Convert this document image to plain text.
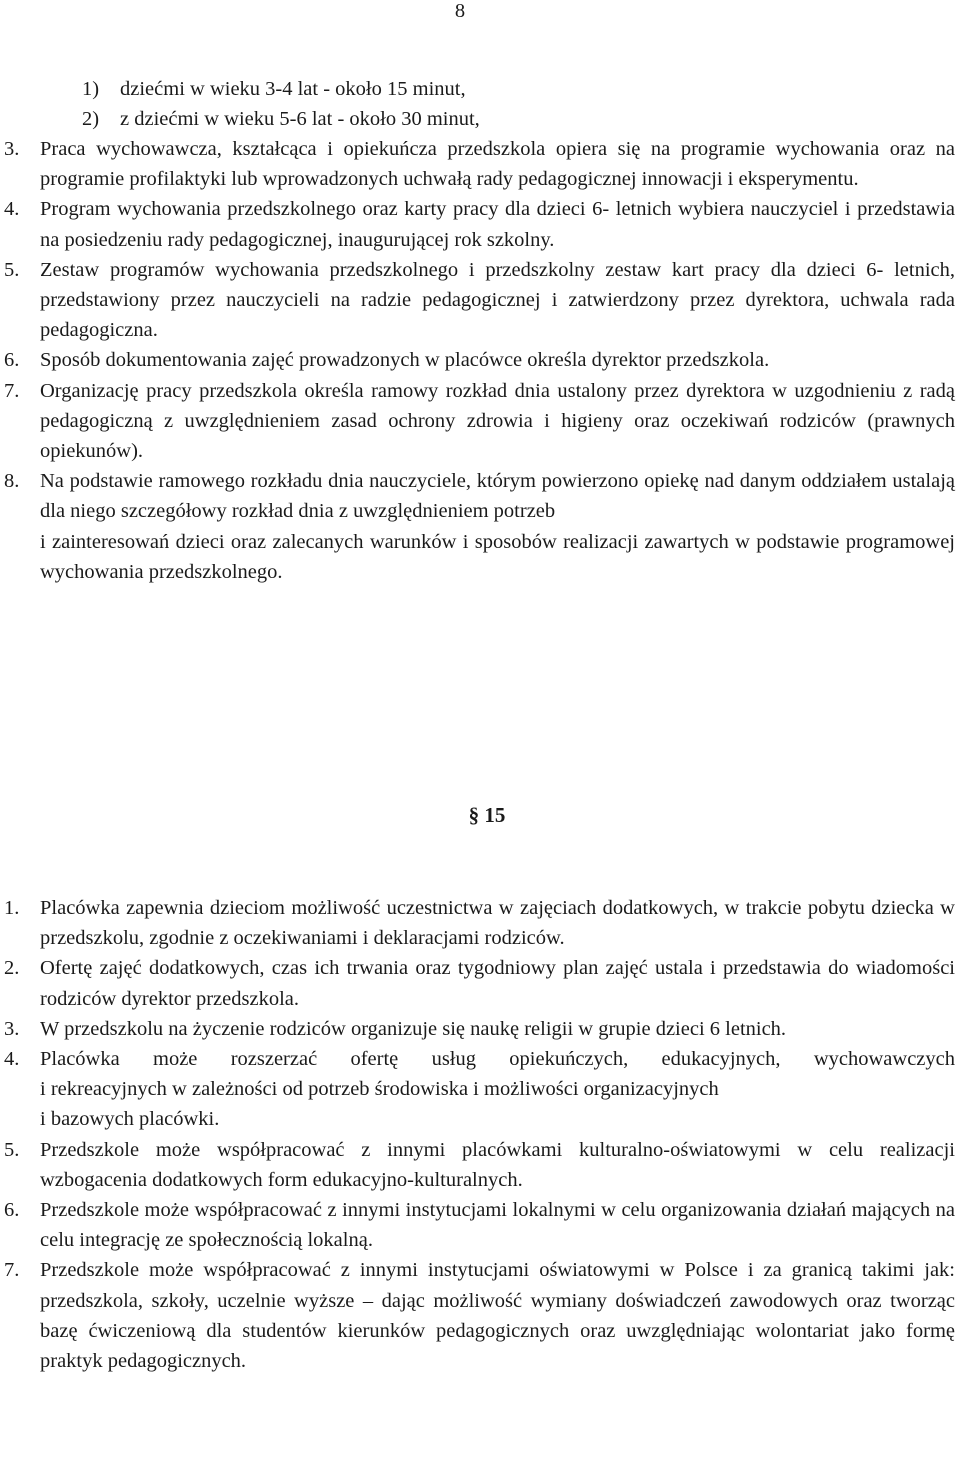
8
1) dziećmi w wieku 3-4 lat - około 15 minut,
2) z dziećmi w wieku 5-6 lat - około 30 minut,
3. Praca wychowawcza, kształcąca i opiekuńcza przedszkola opiera się na programie wychowania oraz na programie profilaktyki lub wprowadzonych uchwałą rady pedagogicznej innowacji i eksperymentu.
4. Program wychowania przedszkolnego oraz karty pracy dla dzieci 6- letnich wybiera nauczyciel i przedstawia na posiedzeniu rady pedagogicznej, inaugurującej rok szkolny.
5. Zestaw programów wychowania przedszkolnego i przedszkolny zestaw kart pracy dla dzieci 6- letnich, przedstawiony przez nauczycieli na radzie pedagogicznej i zatwierdzony przez dyrektora, uchwala rada pedagogiczna.
6. Sposób dokumentowania zajęć prowadzonych w placówce określa dyrektor przedszkola.
7. Organizację pracy przedszkola określa ramowy rozkład dnia ustalony przez dyrektora w uzgodnieniu z radą pedagogiczną z uwzględnieniem zasad ochrony zdrowia i higieny oraz oczekiwań rodziców (prawnych opiekunów).
8. Na podstawie ramowego rozkładu dnia nauczyciele, którym powierzono opiekę nad danym oddziałem ustalają dla niego szczegółowy rozkład dnia z uwzględnieniem potrzeb
i zainteresowań dzieci oraz zalecanych warunków i sposobów realizacji zawartych w podstawie programowej wychowania przedszkolnego.
§ 15
1. Placówka zapewnia dzieciom możliwość uczestnictwa w zajęciach dodatkowych, w trakcie pobytu dziecka w przedszkolu, zgodnie z oczekiwaniami i deklaracjami rodziców.
2. Ofertę zajęć dodatkowych, czas ich trwania oraz tygodniowy plan zajęć ustala i przedstawia do wiadomości rodziców dyrektor przedszkola.
3. W przedszkolu na życzenie rodziców organizuje się naukę religii w grupie dzieci 6 letnich.
4. Placówka może rozszerzać ofertę usług opiekuńczych, edukacyjnych, wychowawczych
i rekreacyjnych w zależności od potrzeb środowiska i możliwości organizacyjnych
i bazowych placówki.
5. Przedszkole może współpracować z innymi placówkami kulturalno-oświatowymi w celu realizacji wzbogacenia dodatkowych form edukacyjno-kulturalnych.
6. Przedszkole może współpracować z innymi instytucjami lokalnymi w celu organizowania działań mających na celu integrację ze społecznością lokalną.
7. Przedszkole może współpracować z innymi instytucjami oświatowymi w Polsce i za granicą takimi jak: przedszkola, szkoły, uczelnie wyższe – dając możliwość wymiany doświadczeń zawodowych oraz tworząc bazę ćwiczeniową dla studentów kierunków pedagogicznych oraz uwzględniając wolontariat jako formę praktyk pedagogicznych.
